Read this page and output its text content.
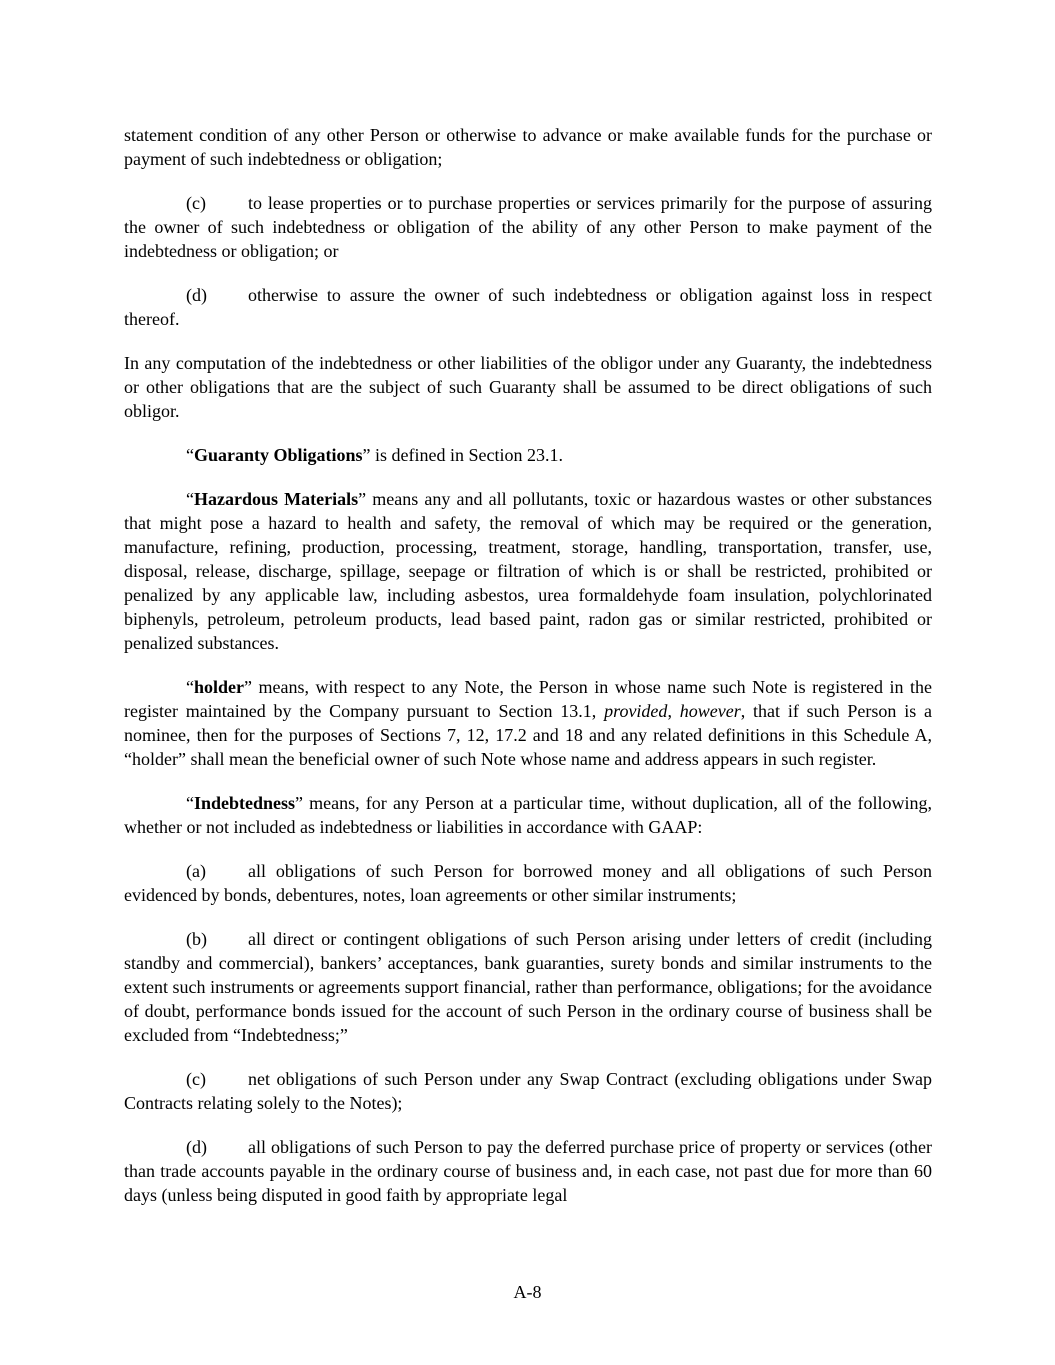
statement condition of any other Person or otherwise to advance or make available funds for the purchase or payment of such indebtedness or obligation;

(c) to lease properties or to purchase properties or services primarily for the purpose of assuring the owner of such indebtedness or obligation of the ability of any other Person to make payment of the indebtedness or obligation; or

(d) otherwise to assure the owner of such indebtedness or obligation against loss in respect thereof.

In any computation of the indebtedness or other liabilities of the obligor under any Guaranty, the indebtedness or other obligations that are the subject of such Guaranty shall be assumed to be direct obligations of such obligor.

“Guaranty Obligations” is defined in Section 23.1.

“Hazardous Materials” means any and all pollutants, toxic or hazardous wastes or other substances that might pose a hazard to health and safety, the removal of which may be required or the generation, manufacture, refining, production, processing, treatment, storage, handling, transportation, transfer, use, disposal, release, discharge, spillage, seepage or filtration of which is or shall be restricted, prohibited or penalized by any applicable law, including asbestos, urea formaldehyde foam insulation, polychlorinated biphenyls, petroleum, petroleum products, lead based paint, radon gas or similar restricted, prohibited or penalized substances.

“holder” means, with respect to any Note, the Person in whose name such Note is registered in the register maintained by the Company pursuant to Section 13.1, provided, however, that if such Person is a nominee, then for the purposes of Sections 7, 12, 17.2 and 18 and any related definitions in this Schedule A, “holder” shall mean the beneficial owner of such Note whose name and address appears in such register.

“Indebtedness” means, for any Person at a particular time, without duplication, all of the following, whether or not included as indebtedness or liabilities in accordance with GAAP:

(a) all obligations of such Person for borrowed money and all obligations of such Person evidenced by bonds, debentures, notes, loan agreements or other similar instruments;

(b) all direct or contingent obligations of such Person arising under letters of credit (including standby and commercial), bankers’ acceptances, bank guaranties, surety bonds and similar instruments to the extent such instruments or agreements support financial, rather than performance, obligations; for the avoidance of doubt, performance bonds issued for the account of such Person in the ordinary course of business shall be excluded from “Indebtedness;”

(c) net obligations of such Person under any Swap Contract (excluding obligations under Swap Contracts relating solely to the Notes);

(d) all obligations of such Person to pay the deferred purchase price of property or services (other than trade accounts payable in the ordinary course of business and, in each case, not past due for more than 60 days (unless being disputed in good faith by appropriate legal

A-8
